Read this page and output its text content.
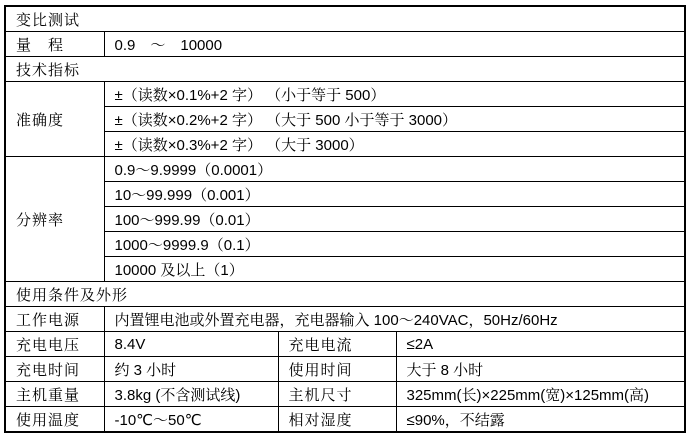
变比测试			
量　程	0.9　～　10000		
技术指标			
准确度	±（读数×0.1%+2 字） （小于等于 500）		
	±（读数×0.2%+2 字） （大于 500 小于等于 3000）		
	±（读数×0.3%+2 字） （大于 3000）		
分辨率	0.9～9.9999（0.0001）		
	10～99.999（0.001）		
	100～999.99（0.01）		
	1000～9999.9（0.1）		
	10000 及以上（1）		
使用条件及外形			
工作电源	内置锂电池或外置充电器，充电器输入 100～240VAC，50Hz/60Hz		
充电电压	8.4V	充电电流	≤2A
充电时间	约 3 小时	使用时间	大于 8 小时
主机重量	3.8kg (不含测试线)	主机尺寸	325mm(长)×225mm(宽)×125mm(高)
使用温度	-10℃～50℃	相对湿度	≤90%，不结露
